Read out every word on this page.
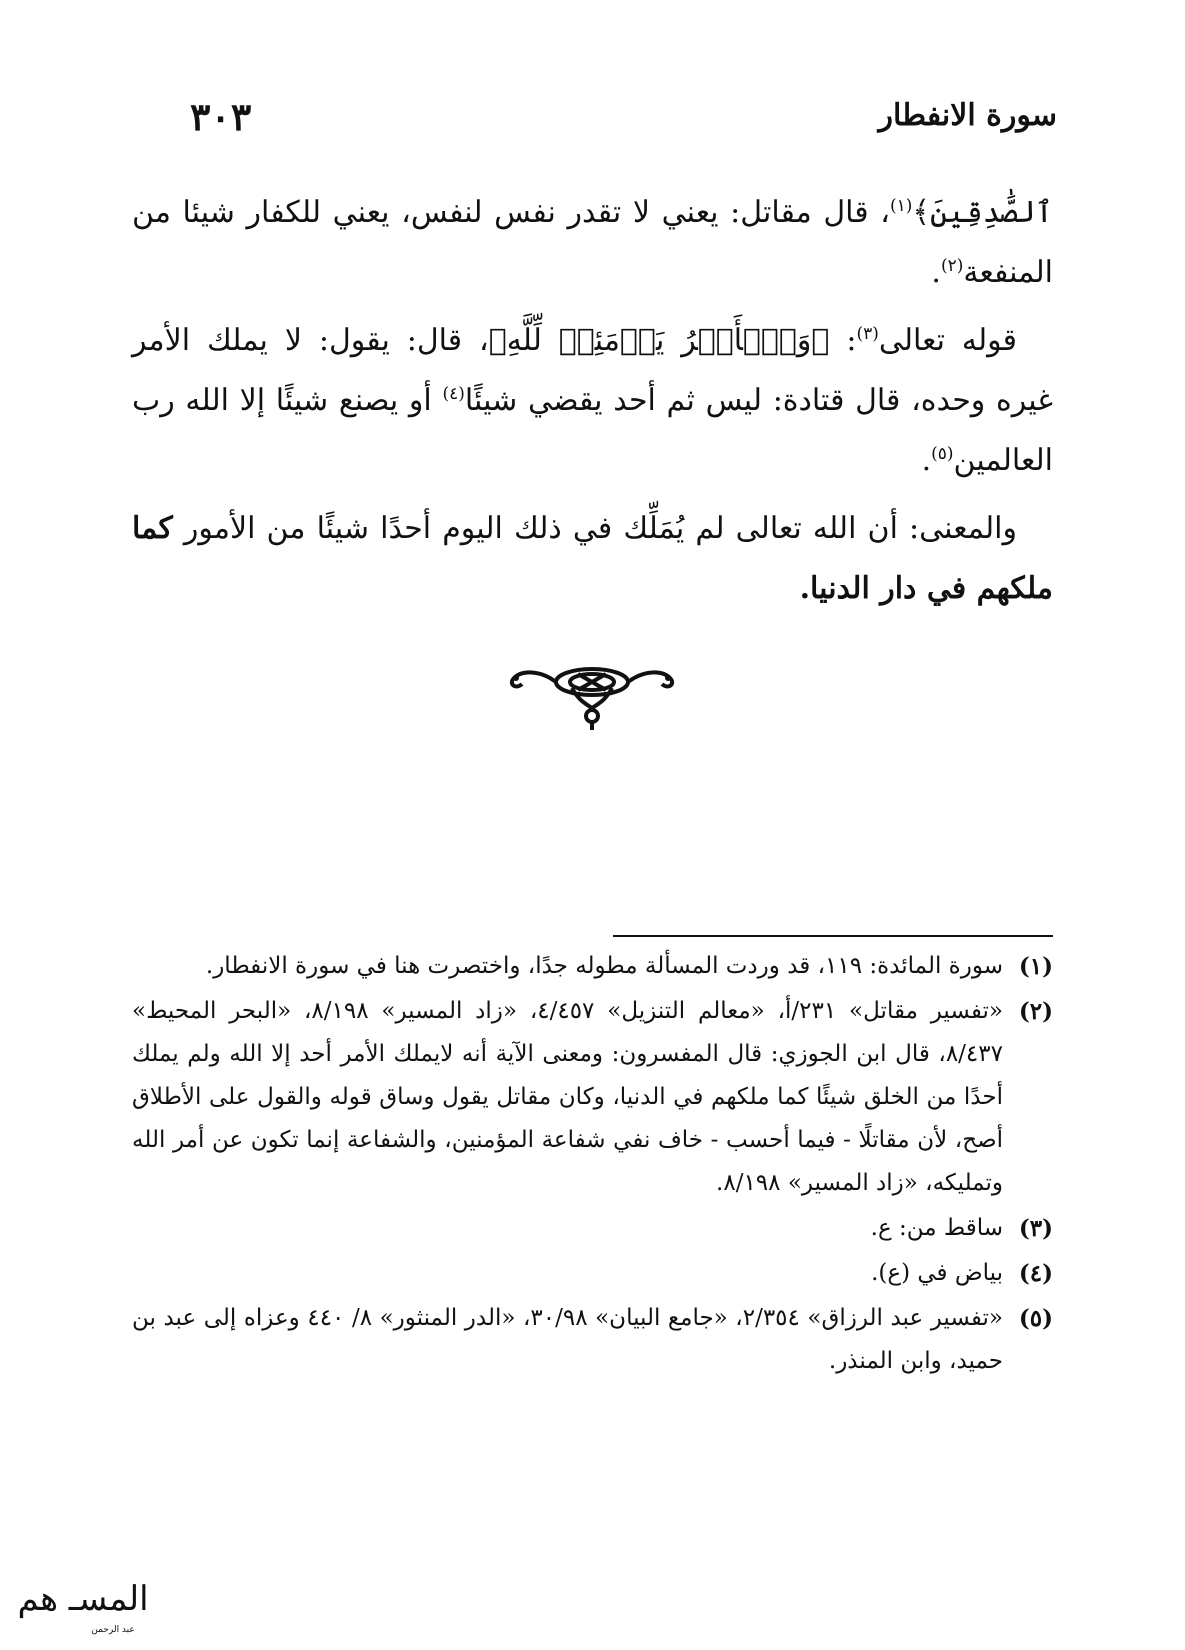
سورة الانفطار
٣٠٣

ٱلصَّٰدِقِينَ﴾$^{(١)}$، قال مقاتل: يعني لا تقدر نفس لنفس، يعني للكفار شيئا من المنفعة$^{(٢)}$.

قوله تعالى$^{(٣)}$: ﴿وَٱلۡأَمۡرُ يَوۡمَئِذٖ لِّلَّهِ﴾، قال: يقول: لا يملك الأمر غيره وحده، قال قتادة: ليس ثم أحد يقضي شيئًا$^{(٤)}$ أو يصنع شيئًا إلا الله رب العالمين$^{(٥)}$.

والمعنى: أن الله تعالى لم يُمَلِّك في ذلك اليوم أحدًا شيئًا من الأمور كما ملكهم في دار الدنيا.

(١)
سورة المائدة: ١١٩، قد وردت المسألة مطوله جدًا، واختصرت هنا في سورة الانفطار.
(٢)
«تفسير مقاتل» ٢٣١/أ، «معالم التنزيل» ٤/٤٥٧، «زاد المسير» ٨/١٩٨، «البحر المحيط» ٨/٤٣٧، قال ابن الجوزي: قال المفسرون: ومعنى الآية أنه لايملك الأمر أحد إلا الله ولم يملك أحدًا من الخلق شيئًا كما ملكهم في الدنيا، وكان مقاتل يقول وساق قوله والقول على الأطلاق أصح، لأن مقاتلًا - فيما أحسب - خاف نفي شفاعة المؤمنين، والشفاعة إنما تكون عن أمر الله وتمليكه، «زاد المسير» ٨/١٩٨.
(٣)
ساقط من: ع.
(٤)
بياض في (ع).
(٥)
«تفسير عبد الرزاق» ٢/٣٥٤، «جامع البيان» ٣٠/٩٨، «الدر المنثور» ٨/ ٤٤٠ وعزاه إلى عبد بن حميد، وابن المنذر.
المسـ هم
عبد الرحمن
